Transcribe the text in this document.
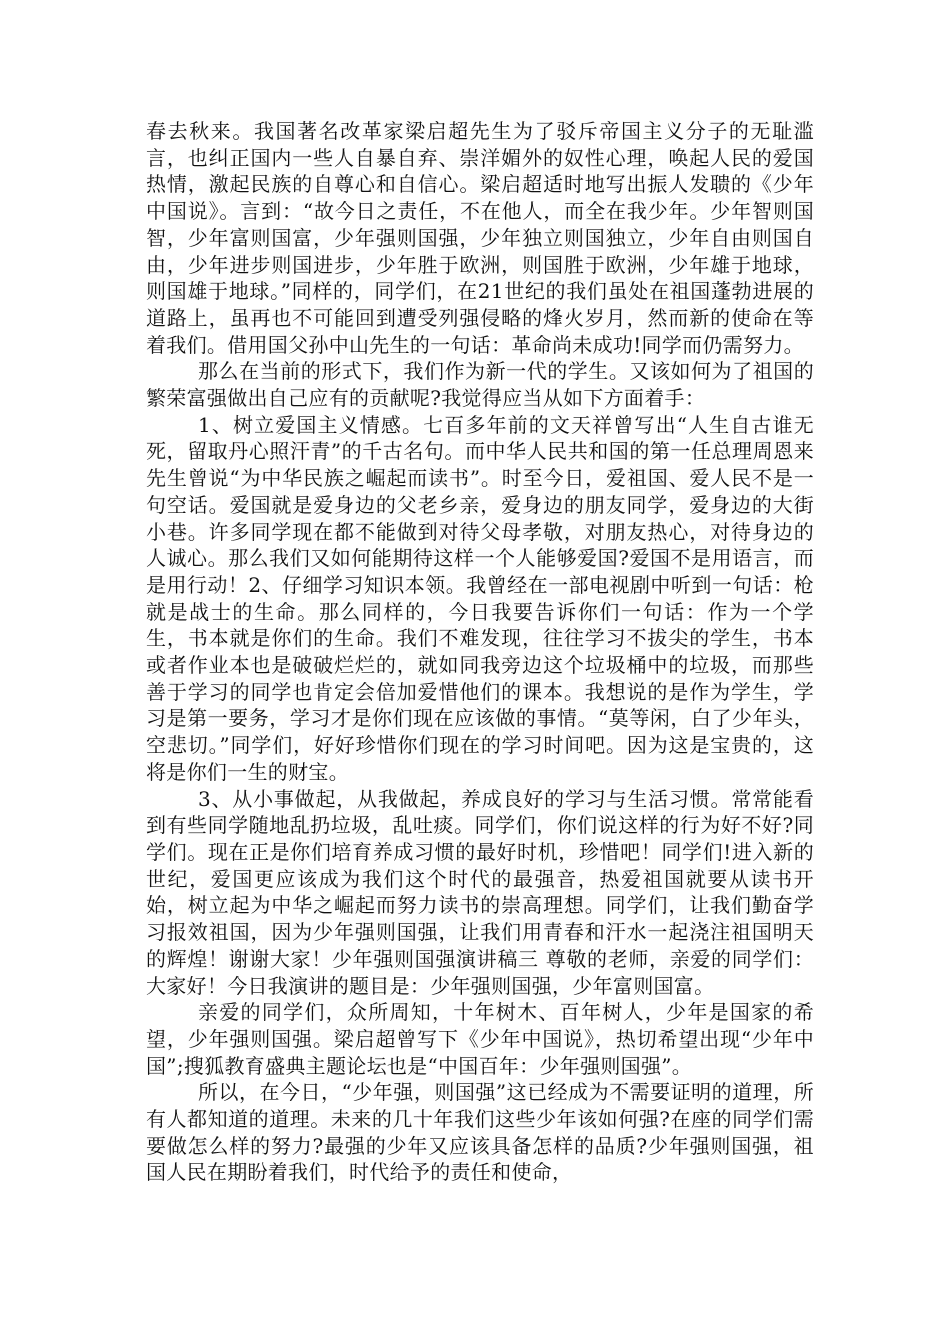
春去秋来。我国著名改革家梁启超先生为了驳斥帝国主义分子的无耻滥言，也纠正国内一些人自暴自弃、崇洋媚外的奴性心理，唤起人民的爱国热情，激起民族的自尊心和自信心。梁启超适时地写出振人发聩的《少年中国说》。言到：“故今日之责任，不在他人，而全在我少年。少年智则国智，少年富则国富，少年强则国强，少年独立则国独立，少年自由则国自由，少年进步则国进步，少年胜于欧洲，则国胜于欧洲，少年雄于地球，则国雄于地球。”同样的，同学们，在21世纪的我们虽处在祖国蓬勃进展的道路上，虽再也不可能回到遭受列强侵略的烽火岁月，然而新的使命在等着我们。借用国父孙中山先生的一句话：革命尚未成功!同学而仍需努力。

那么在当前的形式下，我们作为新一代的学生。又该如何为了祖国的繁荣富强做出自己应有的贡献呢?我觉得应当从如下方面着手：

1、树立爱国主义情感。七百多年前的文天祥曾写出“人生自古谁无死，留取丹心照汗青”的千古名句。而中华人民共和国的第一任总理周恩来先生曾说“为中华民族之崛起而读书”。时至今日，爱祖国、爱人民不是一句空话。爱国就是爱身边的父老乡亲，爱身边的朋友同学，爱身边的大街小巷。许多同学现在都不能做到对待父母孝敬，对朋友热心，对待身边的人诚心。那么我们又如何能期待这样一个人能够爱国?爱国不是用语言，而是用行动！2、仔细学习知识本领。我曾经在一部电视剧中听到一句话：枪就是战士的生命。那么同样的，今日我要告诉你们一句话：作为一个学生，书本就是你们的生命。我们不难发现，往往学习不拔尖的学生，书本或者作业本也是破破烂烂的，就如同我旁边这个垃圾桶中的垃圾，而那些善于学习的同学也肯定会倍加爱惜他们的课本。我想说的是作为学生，学习是第一要务，学习才是你们现在应该做的事情。“莫等闲，白了少年头，空悲切。”同学们，好好珍惜你们现在的学习时间吧。因为这是宝贵的，这将是你们一生的财宝。

3、从小事做起，从我做起，养成良好的学习与生活习惯。常常能看到有些同学随地乱扔垃圾，乱吐痰。同学们，你们说这样的行为好不好?同学们。现在正是你们培育养成习惯的最好时机，珍惜吧！同学们!进入新的世纪，爱国更应该成为我们这个时代的最强音，热爱祖国就要从读书开始，树立起为中华之崛起而努力读书的崇高理想。同学们，让我们勤奋学习报效祖国，因为少年强则国强，让我们用青春和汗水一起浇注祖国明天的辉煌！谢谢大家！少年强则国强演讲稿三 尊敬的老师，亲爱的同学们： 大家好！今日我演讲的题目是：少年强则国强，少年富则国富。

亲爱的同学们，众所周知，十年树木、百年树人，少年是国家的希望，少年强则国强。梁启超曾写下《少年中国说》，热切希望出现“少年中国”;搜狐教育盛典主题论坛也是“中国百年：少年强则国强”。

所以，在今日，“少年强，则国强”这已经成为不需要证明的道理，所有人都知道的道理。未来的几十年我们这些少年该如何强?在座的同学们需要做怎么样的努力?最强的少年又应该具备怎样的品质?少年强则国强，祖国人民在期盼着我们，时代给予的责任和使命，
